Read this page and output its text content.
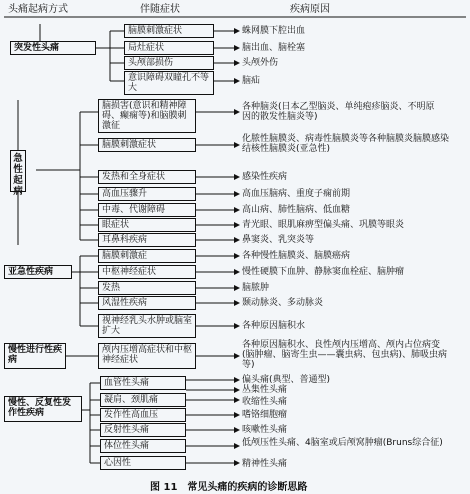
头痛起病方式	伴随症状	疾病原因
突发性头痛
脑膜刺激症状
局灶症状
头颅部损伤
意识障碍双瞳孔不等大
蛛网膜下腔出血
脑出血、脑栓塞
头颅外伤
脑疝
急性起病
脑损害(意识和精神障碍、癫痫等)和脑膜刺激征
脑膜刺激症状
发热和全身症状
高血压骤升
中毒、代谢障碍
眼症状
耳鼻科疾病
各种脑炎(日本乙型脑炎、单纯疱疹脑炎、不明原因的散发性脑炎等)
化脓性脑膜炎、病毒性脑膜炎等各种脑膜炎脑膜感染结核性脑膜炎(亚急性)
感染性疾病
高血压脑病、重度子痫前期
高山病、肺性脑病、低血糖
青光眼、眼肌麻痹型偏头痛、巩膜等眼炎
鼻窦炎、乳突炎等
亚急性疾病
脑膜刺激症
中枢神经症状
发热
风湿性疾病
视神经乳头水肿或脑室扩大
各种慢性脑膜炎、脑膜癌病
慢性硬膜下血肿、静脉窦血栓症、脑肿瘤
脑脓肿
颞动脉炎、多动脉炎
各种原因脑积水
慢性进行性疾病
颅内压增高症状和中枢神经症状
各种原因脑积水、良性颅内压增高、颅内占位病变(脑肿瘤、脑寄生虫——囊虫病、包虫病)、肺吸虫病等)
慢性、反复性发作性疾病
血管性头痛
凝肩、颈肌痛
发作性高血压
反射性头痛
体位性头痛
心因性
偏头痛(典型、普通型)
丛集性头痛
收缩性头痛
嗜铬细胞瘤
咳嗽性头痛
低颅压性头痛、4脑室或后颅窝肿瘤(Bruns综合征)
精神性头痛
图 11　常见头痛的疾病的诊断思路
